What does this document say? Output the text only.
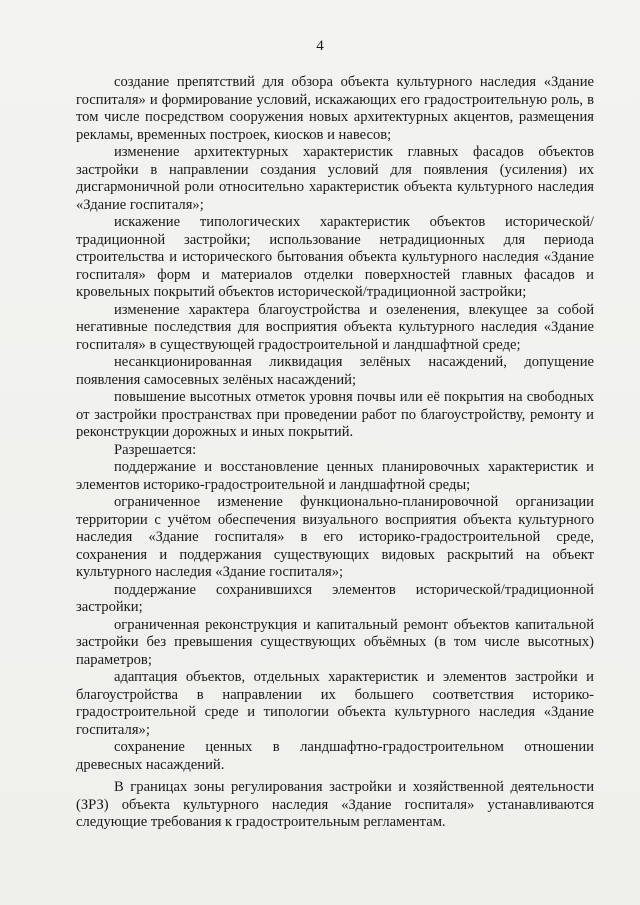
4

создание препятствий для обзора объекта культурного наследия «Здание госпиталя» и формирование условий, искажающих его градостроительную роль, в том числе посредством сооружения новых архитектурных акцентов, размещения рекламы, временных построек, киосков и навесов;

изменение архитектурных характеристик главных фасадов объектов застройки в направлении создания условий для появления (усиления) их дисгармоничной роли относительно характеристик объекта культурного наследия «Здание госпиталя»;

искажение типологических характеристик объектов исторической/традиционной застройки; использование нетрадиционных для периода строительства и исторического бытования объекта культурного наследия «Здание госпиталя» форм и материалов отделки поверхностей главных фасадов и кровельных покрытий объектов исторической/традиционной застройки;

изменение характера благоустройства и озеленения, влекущее за собой негативные последствия для восприятия объекта культурного наследия «Здание госпиталя» в существующей градостроительной и ландшафтной среде;

несанкционированная ликвидация зелёных насаждений, допущение появления самосевных зелёных насаждений;

повышение высотных отметок уровня почвы или её покрытия на свободных от застройки пространствах при проведении работ по благоустройству, ремонту и реконструкции дорожных и иных покрытий.

Разрешается:

поддержание и восстановление ценных планировочных характеристик и элементов историко-градостроительной и ландшафтной среды;

ограниченное изменение функционально-планировочной организации территории с учётом обеспечения визуального восприятия объекта культурного наследия «Здание госпиталя» в его историко-градостроительной среде, сохранения и поддержания существующих видовых раскрытий на объект культурного наследия «Здание госпиталя»;

поддержание сохранившихся элементов исторической/традиционной застройки;

ограниченная реконструкция и капитальный ремонт объектов капитальной застройки без превышения существующих объёмных (в том числе высотных) параметров;

адаптация объектов, отдельных характеристик и элементов застройки и благоустройства в направлении их большего соответствия историко-градостроительной среде и типологии объекта культурного наследия «Здание госпиталя»;

сохранение ценных в ландшафтно-градостроительном отношении древесных насаждений.

В границах зоны регулирования застройки и хозяйственной деятельности (ЗРЗ) объекта культурного наследия «Здание госпиталя» устанавливаются следующие требования к градостроительным регламентам.
